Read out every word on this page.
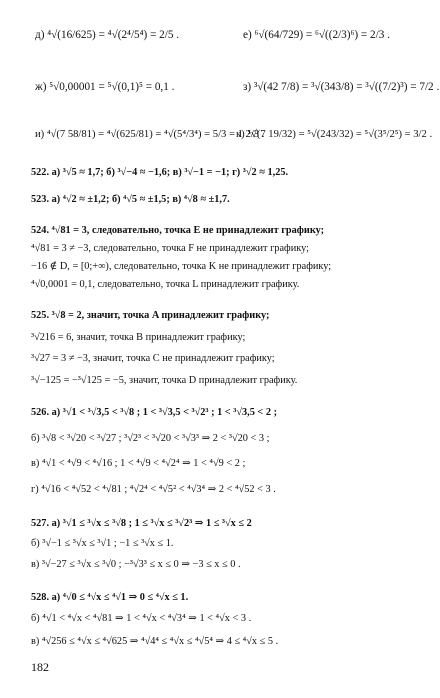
д) ⁴√(16/625) = ⁴√(2⁴/5⁴) = 2/5 .	е) ⁶√(64/729) = ⁶√((2/3)⁶) = 2/3 .
ж) ⁵√0,00001 = ⁵√(0,1)⁵ = 0,1 .	з) ³√(42 7/8) = ³√(343/8) = ³√((7/2)³) = 7/2 .
и) ⁴√(7 58/81) = ⁴√(625/81) = ⁴√(5⁴/3⁴) = 5/3 = 1 2/3 .
к) ⁵√(7 19/32) = ⁵√(243/32) = ⁵√(3⁵/2⁵) = 3/2 .
522. а) ³√5 ≈ 1,7; б) ³√−4 ≈ −1,6; в) ³√−1 = −1; г) ³√2 ≈ 1,25.
523. а) ⁴√2 ≈ ±1,2; б) ⁴√5 ≈ ±1,5; в) ⁴√8 ≈ ±1,7.
524. ⁴√81 = 3, следовательно, точка E не принадлежит графику;
⁴√81 = 3 ≠ −3, следовательно, точка F не принадлежит графику;
−16 ∉ D, = [0;+∞), следовательно, точка K не принадлежит графику;
⁴√0,0001 = 0,1, следовательно, точка L принадлежит графику.
525. ³√8 = 2, значит, точка A принадлежит графику;
³√216 = 6, значит, точка B принадлежит графику;
³√27 = 3 ≠ −3, значит, точка C не принадлежит графику;
³√−125 = −³√125 = −5, значит, точка D принадлежит графику.
526. а) ³√1 < ³√3,5 < ³√8 ; 1 < ³√3,5 < ³√2³ ; 1 < ³√3,5 < 2 ;
б) ³√8 < ³√20 < ³√27 ; ³√2³ < ³√20 < ³√3³ ⇒ 2 < ³√20 < 3 ;
в) ⁴√1 < ⁴√9 < ⁴√16 ; 1 < ⁴√9 < ⁴√2⁴ ⇒ 1 < ⁴√9 < 2 ;
г) ⁴√16 < ⁴√52 < ⁴√81 ; ⁴√2⁴ < ⁴√5² < ⁴√3⁴ ⇒ 2 < ⁴√52 < 3 .
527. а) ³√1 ≤ ³√x ≤ ³√8 ; 1 ≤ ³√x ≤ ³√2³ ⇒ 1 ≤ ³√x ≤ 2
б) ³√−1 ≤ ³√x ≤ ³√1 ; −1 ≤ ³√x ≤ 1.
в) ³√−27 ≤ ³√x ≤ ³√0 ; −³√3³ ≤ x ≤ 0 ⇒ −3 ≤ x ≤ 0 .
528. а) ⁴√0 ≤ ⁴√x ≤ ⁴√1 ⇒ 0 ≤ ⁴√x ≤ 1.
б) ⁴√1 < ⁴√x < ⁴√81 ⇒ 1 < ⁴√x < ⁴√3⁴ ⇒ 1 < ⁴√x < 3 .
в) ⁴√256 ≤ ⁴√x ≤ ⁴√625 ⇒ ⁴√4⁴ ≤ ⁴√x ≤ ⁴√5⁴ ⇒ 4 ≤ ⁴√x ≤ 5 .
182
